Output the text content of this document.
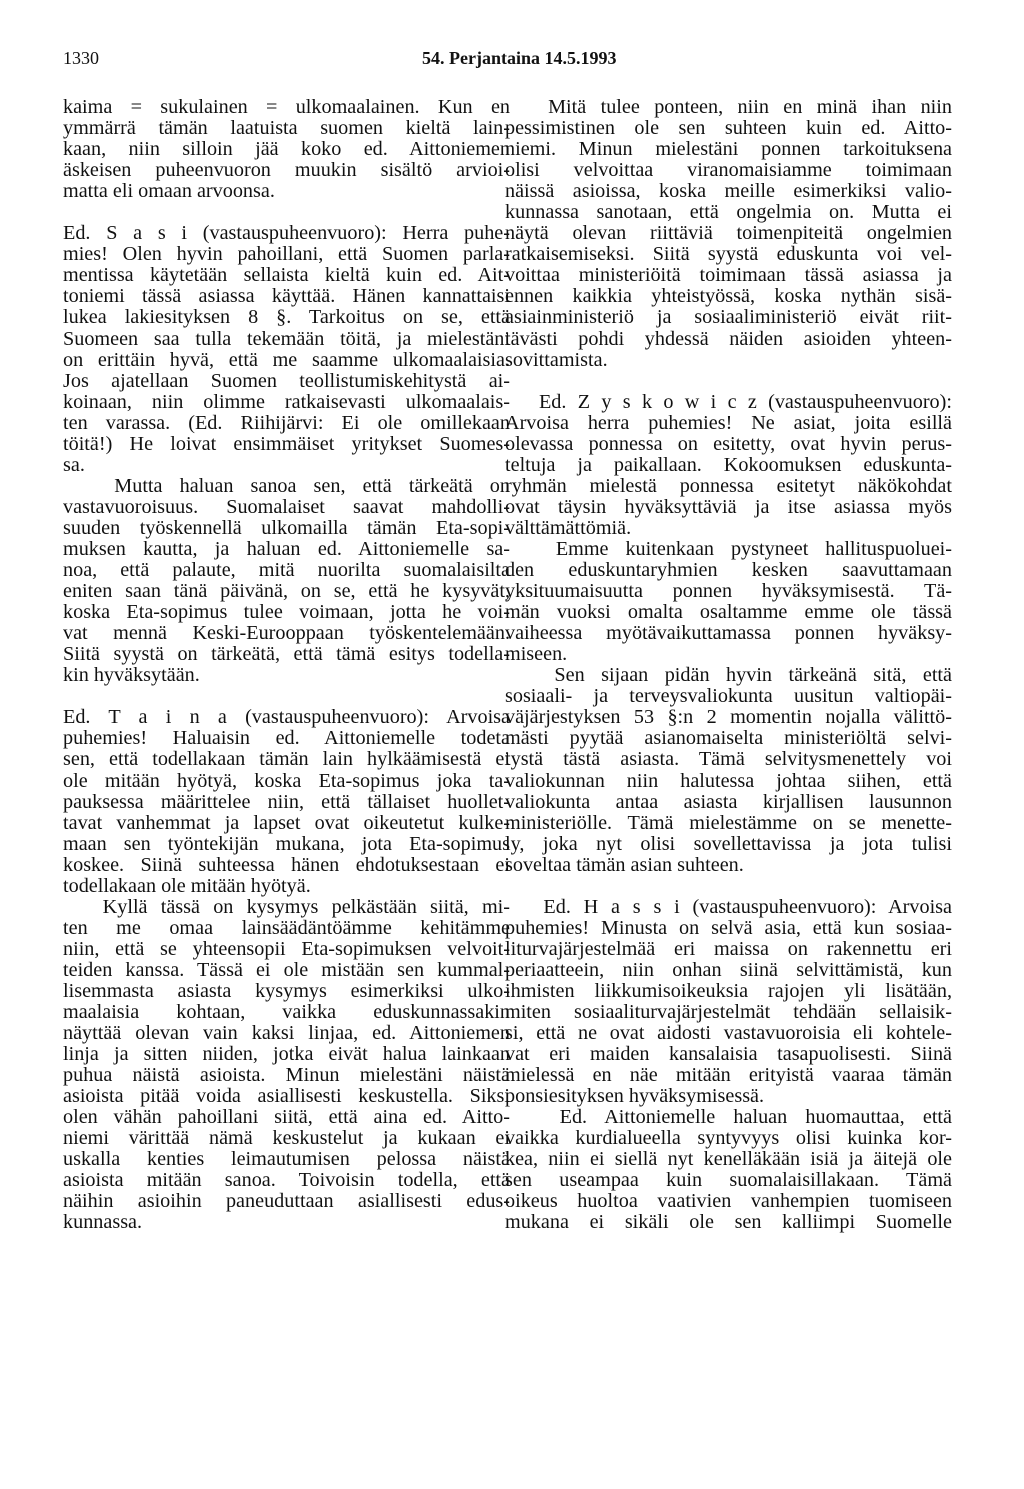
1330	54. Perjantaina 14.5.1993
kaima = sukulainen = ulkomaalainen. Kun en
ymmärrä tämän laatuista suomen kieltä lain-
kaan, niin silloin jää koko ed. Aittoniemen
äskeisen puheenvuoron muukin sisältö arvioi-
matta eli omaan arvoonsa.
Ed. S a s i (vastauspuheenvuoro): Herra puhe-
mies! Olen hyvin pahoillani, että Suomen parla-
mentissa käytetään sellaista kieltä kuin ed. Ait-
toniemi tässä asiassa käyttää. Hänen kannattaisi
lukea lakiesityksen 8 §. Tarkoitus on se, että
Suomeen saa tulla tekemään töitä, ja mielestäni
on erittäin hyvä, että me saamme ulkomaalaisia.
Jos ajatellaan Suomen teollistumiskehitystä ai-
koinaan, niin olimme ratkaisevasti ulkomaalais-
ten varassa. (Ed. Riihijärvi: Ei ole omillekaan
töitä!) He loivat ensimmäiset yritykset Suomes-
sa.
Mutta haluan sanoa sen, että tärkeätä on
vastavuoroisuus. Suomalaiset saavat mahdolli-
suuden työskennellä ulkomailla tämän Eta-sopi-
muksen kautta, ja haluan ed. Aittoniemelle sa-
noa, että palaute, mitä nuorilta suomalaisilta
eniten saan tänä päivänä, on se, että he kysyvät,
koska Eta-sopimus tulee voimaan, jotta he voi-
vat mennä Keski-Eurooppaan työskentelemään.
Siitä syystä on tärkeätä, että tämä esitys todella-
kin hyväksytään.
Ed. T a i n a (vastauspuheenvuoro): Arvoisa
puhemies! Haluaisin ed. Aittoniemelle todeta
sen, että todellakaan tämän lain hylkäämisestä ei
ole mitään hyötyä, koska Eta-sopimus joka ta-
pauksessa määrittelee niin, että tällaiset huollet-
tavat vanhemmat ja lapset ovat oikeutetut kulke-
maan sen työntekijän mukana, jota Eta-sopimus
koskee. Siinä suhteessa hänen ehdotuksestaan ei
todellakaan ole mitään hyötyä.
Kyllä tässä on kysymys pelkästään siitä, mi-
ten me omaa lainsäädäntöämme kehitämme
niin, että se yhteensopii Eta-sopimuksen velvoit-
teiden kanssa. Tässä ei ole mistään sen kummal-
lisemmasta asiasta kysymys esimerkiksi ulko-
maalaisia kohtaan, vaikka eduskunnassakin
näyttää olevan vain kaksi linjaa, ed. Aittoniemen
linja ja sitten niiden, jotka eivät halua lainkaan
puhua näistä asioista. Minun mielestäni näistä
asioista pitää voida asiallisesti keskustella. Siksi
olen vähän pahoillani siitä, että aina ed. Aitto-
niemi värittää nämä keskustelut ja kukaan ei
uskalla kenties leimautumisen pelossa näistä
asioista mitään sanoa. Toivoisin todella, että
näihin asioihin paneuduttaan asiallisesti edus-
kunnassa.
Mitä tulee ponteen, niin en minä ihan niin
pessimistinen ole sen suhteen kuin ed. Aitto-
niemi. Minun mielestäni ponnen tarkoituksena
olisi velvoittaa viranomaisiamme toimimaan
näissä asioissa, koska meille esimerkiksi valio-
kunnassa sanotaan, että ongelmia on. Mutta ei
näytä olevan riittäviä toimenpiteitä ongelmien
ratkaisemiseksi. Siitä syystä eduskunta voi vel-
voittaa ministeriöitä toimimaan tässä asiassa ja
ennen kaikkia yhteistyössä, koska nythän sisä-
asiainministeriö ja sosiaaliministeriö eivät riit-
tävästi pohdi yhdessä näiden asioiden yhteen-
sovittamista.
Ed. Z y s k o w i c z (vastauspuheenvuoro):
Arvoisa herra puhemies! Ne asiat, joita esillä
olevassa ponnessa on esitetty, ovat hyvin perus-
teltuja ja paikallaan. Kokoomuksen eduskunta-
ryhmän mielestä ponnessa esitetyt näkökohdat
ovat täysin hyväksyttäviä ja itse asiassa myös
välttämättömiä.
Emme kuitenkaan pystyneet hallituspuoluei-
den eduskuntaryhmien kesken saavuttamaan
yksituumaisuutta ponnen hyväksymisestä. Tä-
män vuoksi omalta osaltamme emme ole tässä
vaiheessa myötävaikuttamassa ponnen hyväksy-
miseen.
Sen sijaan pidän hyvin tärkeänä sitä, että
sosiaali- ja terveysvaliokunta uusitun valtiopäi-
väjärjestyksen 53 §:n 2 momentin nojalla välittö-
mästi pyytää asianomaiselta ministeriöltä selvi-
tystä tästä asiasta. Tämä selvitysmenettely voi
valiokunnan niin halutessa johtaa siihen, että
valiokunta antaa asiasta kirjallisen lausunnon
ministeriölle. Tämä mielestämme on se menette-
ly, joka nyt olisi sovellettavissa ja jota tulisi
soveltaa tämän asian suhteen.
Ed. H a s s i (vastauspuheenvuoro): Arvoisa
puhemies! Minusta on selvä asia, että kun sosiaa-
liturvajärjestelmää eri maissa on rakennettu eri
periaatteein, niin onhan siinä selvittämistä, kun
ihmisten liikkumisoikeuksia rajojen yli lisätään,
miten sosiaaliturvajärjestelmät tehdään sellaisik-
si, että ne ovat aidosti vastavuoroisia eli kohtele-
vat eri maiden kansalaisia tasapuolisesti. Siinä
mielessä en näe mitään erityistä vaaraa tämän
ponsiesityksen hyväksymisessä.
Ed. Aittoniemelle haluan huomauttaa, että
vaikka kurdialueella syntyvyys olisi kuinka kor-
kea, niin ei siellä nyt kenelläkään isiä ja äitejä ole
sen useampaa kuin suomalaisillakaan. Tämä
oikeus huoltoa vaativien vanhempien tuomiseen
mukana ei sikäli ole sen kalliimpi Suomelle
